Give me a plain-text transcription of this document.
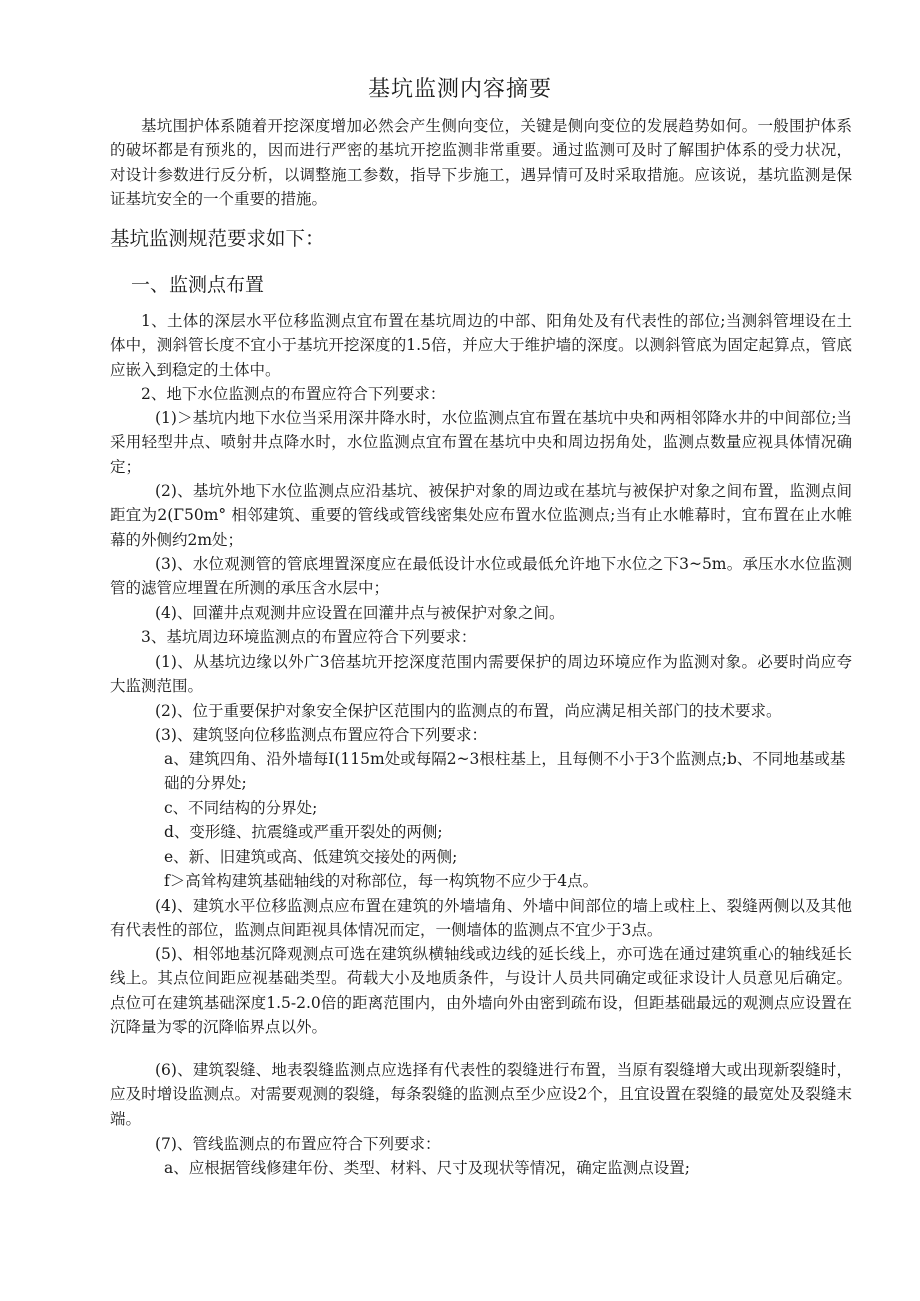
基坑监测内容摘要

基坑围护体系随着开挖深度增加必然会产生侧向变位，关键是侧向变位的发展趋势如何。一般围护体系的破坏都是有预兆的，因而进行严密的基坑开挖监测非常重要。通过监测可及时了解围护体系的受力状况，对设计参数进行反分析，以调整施工参数，指导下步施工，遇异情可及时采取措施。应该说，基坑监测是保证基坑安全的一个重要的措施。

基坑监测规范要求如下：
一、监测点布置

1、土体的深层水平位移监测点宜布置在基坑周边的中部、阳角处及有代表性的部位;当测斜管埋设在土体中，测斜管长度不宜小于基坑开挖深度的1.5倍，并应大于维护墙的深度。以测斜管底为固定起算点，管底应嵌入到稳定的土体中。

2、地下水位监测点的布置应符合下列要求：

(1)＞基坑内地下水位当采用深井降水时，水位监测点宜布置在基坑中央和两相邻降水井的中间部位;当采用轻型井点、喷射井点降水时，水位监测点宜布置在基坑中央和周边拐角处，监测点数量应视具体情况确定；

(2)、基坑外地下水位监测点应沿基坑、被保护对象的周边或在基坑与被保护对象之间布置，监测点间距宜为2(Γ50m° 相邻建筑、重要的管线或管线密集处应布置水位监测点;当有止水帷幕时，宜布置在止水帷幕的外侧约2m处；

(3)、水位观测管的管底埋置深度应在最低设计水位或最低允许地下水位之下3~5m。承压水水位监测管的滤管应埋置在所测的承压含水层中；

(4)、回灌井点观测井应设置在回灌井点与被保护对象之间。

3、基坑周边环境监测点的布置应符合下列要求：

(1)、从基坑边缘以外广3倍基坑开挖深度范围内需要保护的周边环境应作为监测对象。必要时尚应夸大监测范围。

(2)、位于重要保护对象安全保护区范围内的监测点的布置，尚应满足相关部门的技术要求。

(3)、建筑竖向位移监测点布置应符合下列要求：

a、建筑四角、沿外墙每I(115m处或每隔2~3根柱基上，且每侧不小于3个监测点;b、不同地基或基础的分界处;

c、不同结构的分界处;

d、变形缝、抗震缝或严重开裂处的两侧;

e、新、旧建筑或高、低建筑交接处的两侧;

f＞高耸构建筑基础轴线的对称部位，每一构筑物不应少于4点。

(4)、建筑水平位移监测点应布置在建筑的外墙墙角、外墙中间部位的墙上或柱上、裂缝两侧以及其他有代表性的部位，监测点间距视具体情况而定，一侧墙体的监测点不宜少于3点。

(5)、相邻地基沉降观测点可选在建筑纵横轴线或边线的延长线上，亦可选在通过建筑重心的轴线延长线上。其点位间距应视基础类型。荷载大小及地质条件，与设计人员共同确定或征求设计人员意见后确定。点位可在建筑基础深度1.5-2.0倍的距离范围内，由外墙向外由密到疏布设，但距基础最远的观测点应设置在沉降量为零的沉降临界点以外。

(6)、建筑裂缝、地表裂缝监测点应选择有代表性的裂缝进行布置，当原有裂缝增大或出现新裂缝时，应及时增设监测点。对需要观测的裂缝，每条裂缝的监测点至少应设2个，且宜设置在裂缝的最宽处及裂缝末端。

(7)、管线监测点的布置应符合下列要求：

a、应根据管线修建年份、类型、材料、尺寸及现状等情况，确定监测点设置;
